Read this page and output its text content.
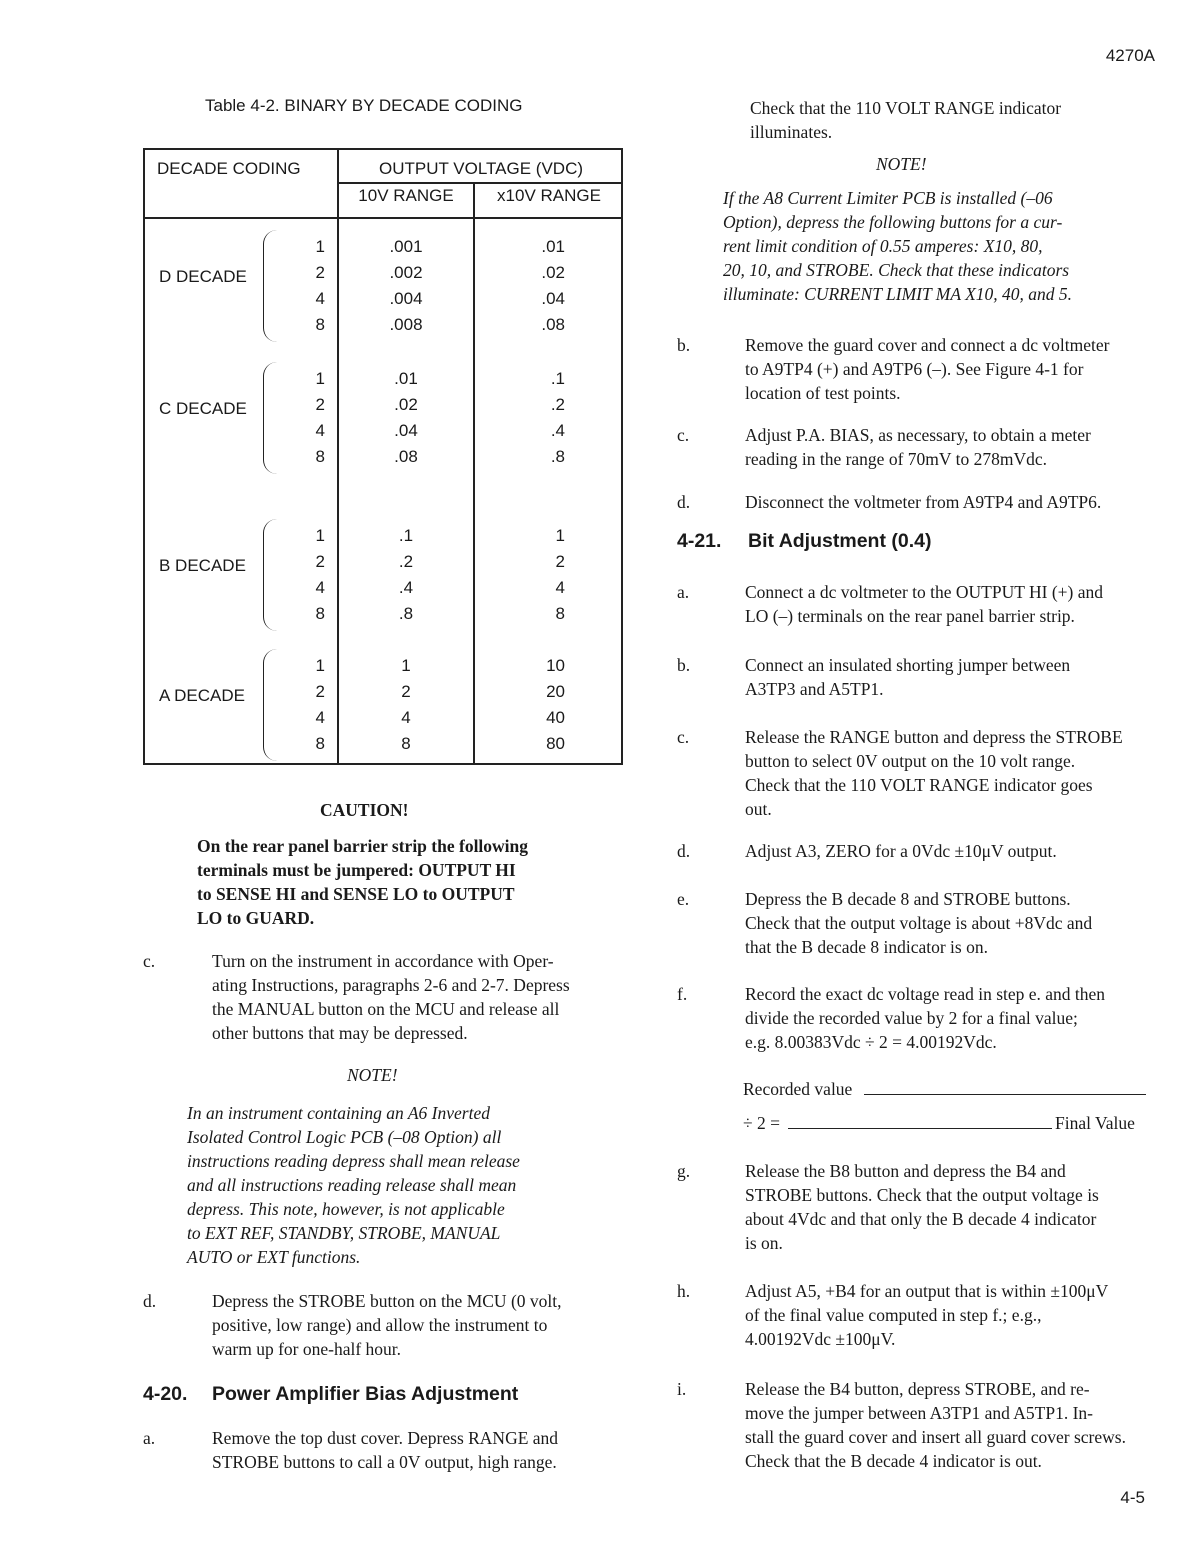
4270A
Table 4-2. BINARY BY DECADE CODING
DECADE CODING	OUTPUT VOLTAGE (VDC)
10V RANGE	x10V RANGE
D DECADE
1	.001	.01
2	.002	.02
4	.004	.04
8	.008	.08
C DECADE
1	.01	.1
2	.02	.2
4	.04	.4
8	.08	.8
B DECADE
1	.1	1
2	.2	2
4	.4	4
8	.8	8
A DECADE
1	1	10
2	2	20
4	4	40
8	8	80
CAUTION!
On the rear panel barrier strip the following
terminals must be jumpered: OUTPUT HI
to SENSE HI and SENSE LO to OUTPUT
LO to GUARD.
c.	Turn on the instrument in accordance with Oper-
ating Instructions, paragraphs 2-6 and 2-7. Depress
the MANUAL button on the MCU and release all
other buttons that may be depressed.
NOTE!
In an instrument containing an A6 Inverted
Isolated Control Logic PCB (–08 Option) all
instructions reading depress shall mean release
and all instructions reading release shall mean
depress. This note, however, is not applicable
to EXT REF, STANDBY, STROBE, MANUAL
AUTO or EXT functions.
d.	Depress the STROBE button on the MCU (0 volt,
positive, low range) and allow the instrument to
warm up for one-half hour.
4-20. Power Amplifier Bias Adjustment
a.	Remove the top dust cover. Depress RANGE and
STROBE buttons to call a 0V output, high range.
Check that the 110 VOLT RANGE indicator
illuminates.
NOTE!
If the A8 Current Limiter PCB is installed (–06
Option), depress the following buttons for a cur-
rent limit condition of 0.55 amperes: X10, 80,
20, 10, and STROBE. Check that these indicators
illuminate: CURRENT LIMIT MA X10, 40, and 5.
b.	Remove the guard cover and connect a dc voltmeter
to A9TP4 (+) and A9TP6 (–). See Figure 4-1 for
location of test points.
c.	Adjust P.A. BIAS, as necessary, to obtain a meter
reading in the range of 70mV to 278mVdc.
d.	Disconnect the voltmeter from A9TP4 and A9TP6.
4-21. Bit Adjustment (0.4)
a.	Connect a dc voltmeter to the OUTPUT HI (+) and
LO (–) terminals on the rear panel barrier strip.
b.	Connect an insulated shorting jumper between
A3TP3 and A5TP1.
c.	Release the RANGE button and depress the STROBE
button to select 0V output on the 10 volt range.
Check that the 110 VOLT RANGE indicator goes
out.
d.	Adjust A3, ZERO for a 0Vdc ±10μV output.
e.	Depress the B decade 8 and STROBE buttons.
Check that the output voltage is about +8Vdc and
that the B decade 8 indicator is on.
f.	Record the exact dc voltage read in step e. and then
divide the recorded value by 2 for a final value;
e.g. 8.00383Vdc ÷ 2 = 4.00192Vdc.
g.	Release the B8 button and depress the B4 and
STROBE buttons. Check that the output voltage is
about 4Vdc and that only the B decade 4 indicator
is on.
h.	Adjust A5, +B4 for an output that is within ±100μV
of the final value computed in step f.; e.g.,
4.00192Vdc ±100μV.
i.	Release the B4 button, depress STROBE, and re-
move the jumper between A3TP1 and A5TP1. In-
stall the guard cover and insert all guard cover screws.
Check that the B decade 4 indicator is out.
Recorded value
÷ 2 =	Final Value
4-5
